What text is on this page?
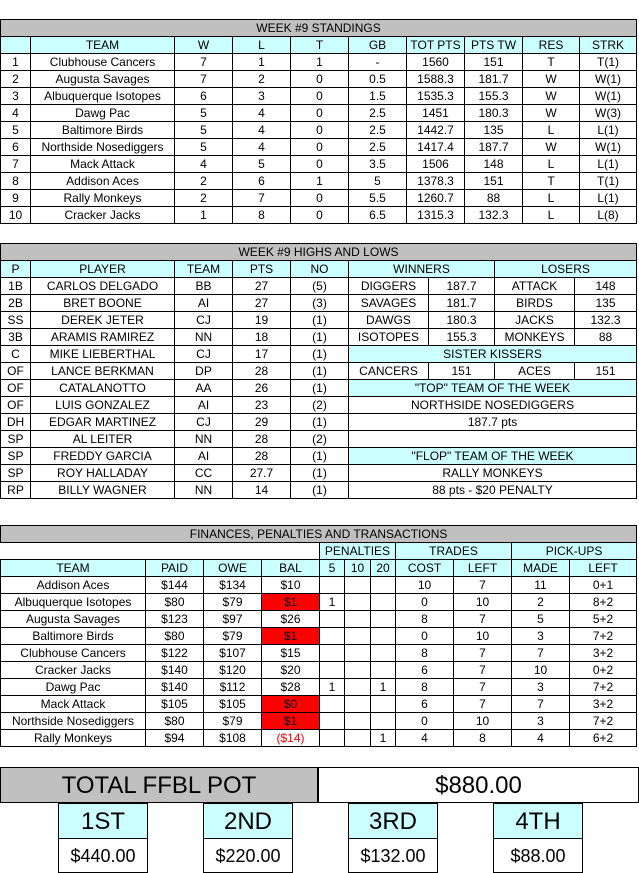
WEEK #9 STANDINGS									
	TEAM	W	L	T	GB	TOT PTS	PTS TW	RES	STRK
1	Clubhouse Cancers	7	1	1	-	1560	151	T	T(1)
2	Augusta Savages	7	2	0	0.5	1588.3	181.7	W	W(1)
3	Albuquerque Isotopes	6	3	0	1.5	1535.3	155.3	W	W(1)
4	Dawg Pac	5	4	0	2.5	1451	180.3	W	W(3)
5	Baltimore Birds	5	4	0	2.5	1442.7	135	L	L(1)
6	Northside Nosediggers	5	4	0	2.5	1417.4	187.7	W	W(1)
7	Mack Attack	4	5	0	3.5	1506	148	L	L(1)
8	Addison Aces	2	6	1	5	1378.3	151	T	T(1)
9	Rally Monkeys	2	7	0	5.5	1260.7	88	L	L(1)
10	Cracker Jacks	1	8	0	6.5	1315.3	132.3	L	L(8)
WEEK #9 HIGHS AND LOWS								
P	PLAYER	TEAM	PTS	NO	WINNERS		LOSERS	
1B	CARLOS DELGADO	BB	27	(5)	DIGGERS	187.7	ATTACK	148
2B	BRET BOONE	AI	27	(3)	SAVAGES	181.7	BIRDS	135
SS	DEREK JETER	CJ	19	(1)	DAWGS	180.3	JACKS	132.3
3B	ARAMIS RAMIREZ	NN	18	(1)	ISOTOPES	155.3	MONKEYS	88
C	MIKE LIEBERTHAL	CJ	17	(1)	SISTER KISSERS			
OF	LANCE BERKMAN	DP	28	(1)	CANCERS	151	ACES	151
OF	CATALANOTTO	AA	26	(1)	"TOP" TEAM OF THE WEEK			
OF	LUIS GONZALEZ	AI	23	(2)	NORTHSIDE NOSEDIGGERS			
DH	EDGAR MARTINEZ	CJ	29	(1)	187.7 pts			
SP	AL LEITER	NN	28	(2)				
SP	FREDDY GARCIA	AI	28	(1)	"FLOP" TEAM OF THE WEEK			
SP	ROY HALLADAY	CC	27.7	(1)	RALLY MONKEYS			
RP	BILLY WAGNER	NN	14	(1)	88 pts - $20 PENALTY			
FINANCES, PENALTIES AND TRANSACTIONS										
				PENALTIES			TRADES		PICK-UPS	
TEAM	PAID	OWE	BAL	5	10	20	COST	LEFT	MADE	LEFT
Addison Aces	$144	$134	$10				10	7	11	0+1
Albuquerque Isotopes	$80	$79	$1	1			0	10	2	8+2
Augusta Savages	$123	$97	$26				8	7	5	5+2
Baltimore Birds	$80	$79	$1				0	10	3	7+2
Clubhouse Cancers	$122	$107	$15				8	7	7	3+2
Cracker Jacks	$140	$120	$20				6	7	10	0+2
Dawg Pac	$140	$112	$28	1		1	8	7	3	7+2
Mack Attack	$105	$105	$0				6	7	7	3+2
Northside Nosediggers	$80	$79	$1				0	10	3	7+2
Rally Monkeys	$94	$108	($14)			1	4	8	4	6+2
TOTAL FFBL POT	$880.00
1ST
$440.00
2ND
$220.00
3RD
$132.00
4TH
$88.00
